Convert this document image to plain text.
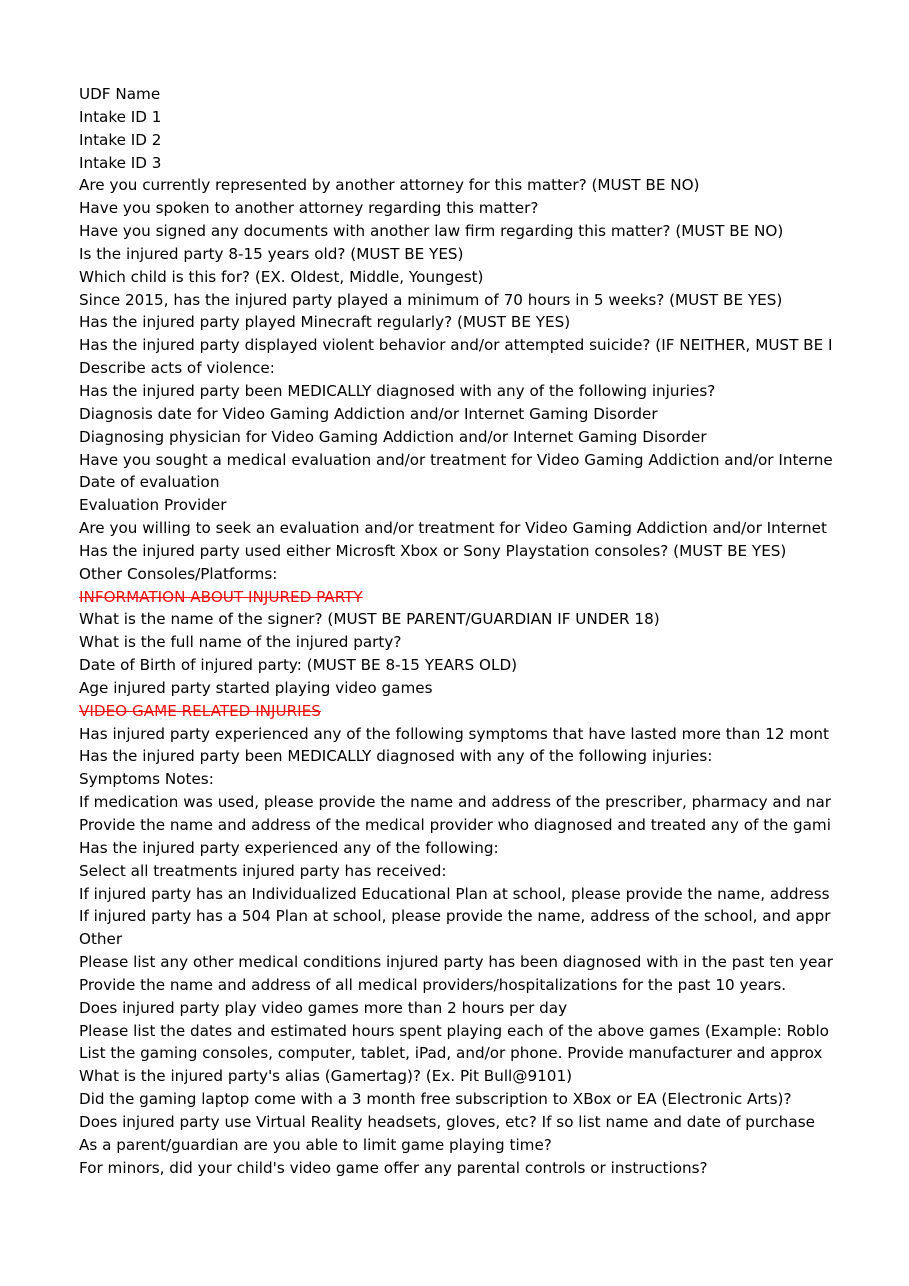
UDF Name
Intake ID 1
Intake ID 2
Intake ID 3
Are you currently represented by another attorney for this matter? (MUST BE NO)
Have you spoken to another attorney regarding this matter?
Have you signed any documents with another law firm regarding this matter? (MUST BE NO)
Is the injured party 8-15 years old? (MUST BE YES)
Which child is this for? (EX. Oldest, Middle, Youngest)
Since 2015, has the injured party played a minimum of 70 hours in 5 weeks? (MUST BE YES)
Has the injured party played Minecraft regularly? (MUST BE YES)
Has the injured party displayed violent behavior and/or attempted suicide? (IF NEITHER, MUST BE I
Describe acts of violence:
Has the injured party been MEDICALLY diagnosed with any of the following injuries?
Diagnosis date for Video Gaming Addiction and/or Internet Gaming Disorder
Diagnosing physician for Video Gaming Addiction and/or Internet Gaming Disorder
Have you sought a medical evaluation and/or treatment for Video Gaming Addiction and/or Interne
Date of evaluation
Evaluation Provider
Are you willing to seek an evaluation and/or treatment for Video Gaming Addiction and/or Internet
Has the injured party used either Microsft Xbox or Sony Playstation consoles? (MUST BE YES)
Other Consoles/Platforms:
INFORMATION ABOUT INJURED PARTY
What is the name of the signer? (MUST BE PARENT/GUARDIAN IF UNDER 18)
What is the full name of the injured party?
Date of Birth of injured party: (MUST BE 8-15 YEARS OLD)
Age injured party started playing video games
VIDEO GAME RELATED INJURIES
Has injured party experienced any of the following symptoms that have lasted more than 12 mont
Has the injured party been MEDICALLY diagnosed with any of the following injuries:
Symptoms Notes:
If medication was used, please provide the name and address of the prescriber, pharmacy and nar
Provide the name and address of the medical provider who diagnosed and treated any of the gami
Has the injured party experienced any of the following:
Select all treatments injured party has received:
If injured party has an Individualized Educational Plan at school, please provide the name, address
If injured party has a 504 Plan at school, please provide the name, address of the school, and appr
Other
Please list any other medical conditions injured party has been diagnosed with in the past ten year
Provide the name and address of all medical providers/hospitalizations for the past 10 years.
Does injured party play video games more than 2 hours per day
Please list the dates and estimated hours spent playing each of the above games (Example: Roblo
List the gaming consoles, computer, tablet, iPad, and/or phone. Provide manufacturer and approx
What is the injured party's alias (Gamertag)? (Ex. Pit Bull@9101)
Did the gaming laptop come with a 3 month free subscription to XBox or EA (Electronic Arts)?
Does injured party use Virtual Reality headsets, gloves, etc? If so list name and date of purchase
As a parent/guardian are you able to limit game playing time?
For minors, did your child's video game offer any parental controls or instructions?
